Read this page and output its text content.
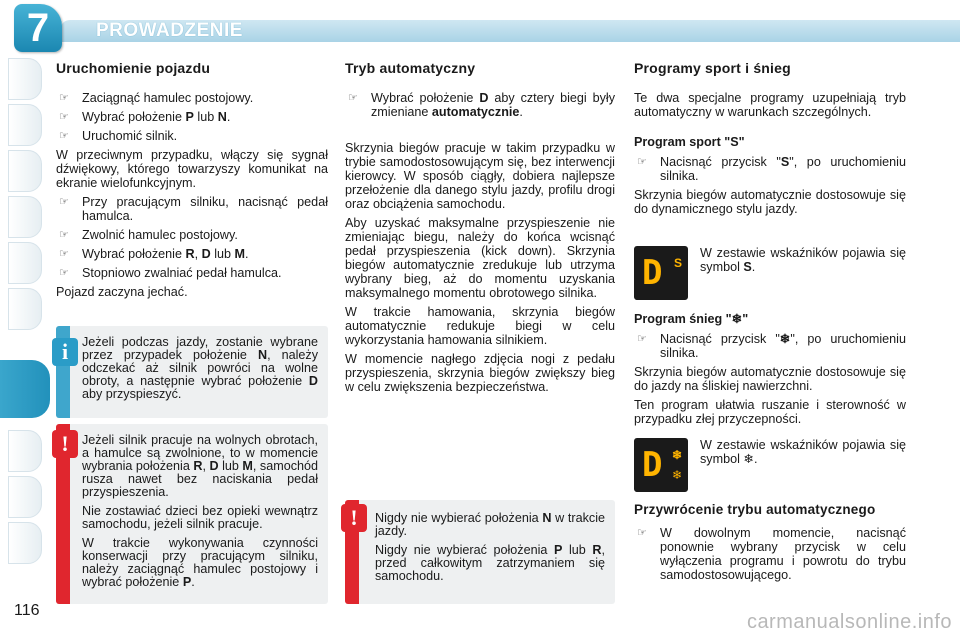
7	PROWADZENIE
Uruchomienie pojazdu
☞ Zaciągnąć hamulec postojowy.
☞ Wybrać położenie P lub N.
☞ Uruchomić silnik.

W przeciwnym przypadku, włączy się sygnał dźwiękowy, którego towarzyszy komunikat na ekranie wielofunkcyjnym.

☞ Przy pracującym silniku, nacisnąć pedał hamulca.
☞ Zwolnić hamulec postojowy.
☞ Wybrać położenie R, D lub M.
☞ Stopniowo zwalniać pedał hamulca.

Pojazd zaczyna jechać.

i	Jeżeli podczas jazdy, zostanie wybrane przez przypadek położenie N, należy odczekać aż silnik powróci na wolne obroty, a następnie wybrać położenie D aby przyspieszyć.

!	Jeżeli silnik pracuje na wolnych obrotach, a hamulce są zwolnione, to w momencie wybrania położenia R, D lub M, samochód rusza nawet bez naciskania pedał przyspieszenia.

Nie zostawiać dzieci bez opieki wewnątrz samochodu, jeżeli silnik pracuje.

W trakcie wykonywania czynności konserwacji przy pracującym silniku, należy zaciągnąć hamulec postojowy i wybrać położenie P.

Tryb automatyczny
☞ Wybrać położenie D aby cztery biegi były zmieniane automatycznie.

Skrzynia biegów pracuje w takim przypadku w trybie samodostosowującym się, bez interwencji kierowcy. W sposób ciągły, dobiera najlepsze przełożenie dla danego stylu jazdy, profilu drogi oraz obciążenia samochodu.

Aby uzyskać maksymalne przyspieszenie nie zmieniając biegu, należy do końca wcisnąć pedał przyspieszenia (kick down). Skrzynia biegów automatycznie zredukuje lub utrzyma wybrany bieg, aż do momentu uzyskania maksymalnego momentu obrotowego silnika.

W trakcie hamowania, skrzynia biegów automatycznie redukuje biegi w celu wykorzystania hamowania silnikiem.

W momencie nagłego zdjęcia nogi z pedału przyspieszenia, skrzynia biegów zwiększy bieg w celu zwiększenia bezpieczeństwa.

!	Nigdy nie wybierać położenia N w trakcie jazdy.

Nigdy nie wybierać położenia P lub R, przed całkowitym zatrzymaniem się samochodu.

Programy sport i śnieg

Te dwa specjalne programy uzupełniają tryb automatyczny w warunkach szczególnych.

Program sport "S"
☞ Nacisnąć przycisk "S", po uruchomieniu silnika.

Skrzynia biegów automatycznie dostosowuje się do dynamicznego stylu jazdy.

D S
W zestawie wskaźników pojawia się symbol S.
Program śnieg "❄"
☞ Nacisnąć przycisk "❄", po uruchomieniu silnika.

Skrzynia biegów automatycznie dostosowuje się do jazdy na śliskiej nawierzchni.

Ten program ułatwia ruszanie i sterowność w przypadku złej przyczepności.

D ❄
❄
W zestawie wskaźników pojawia się symbol ❄.
Przywrócenie trybu automatycznego
☞ W dowolnym momencie, nacisnąć ponownie wybrany przycisk w celu wyłączenia programu i powrotu do trybu samodostosowującego.
116
carmanualsonline.info
